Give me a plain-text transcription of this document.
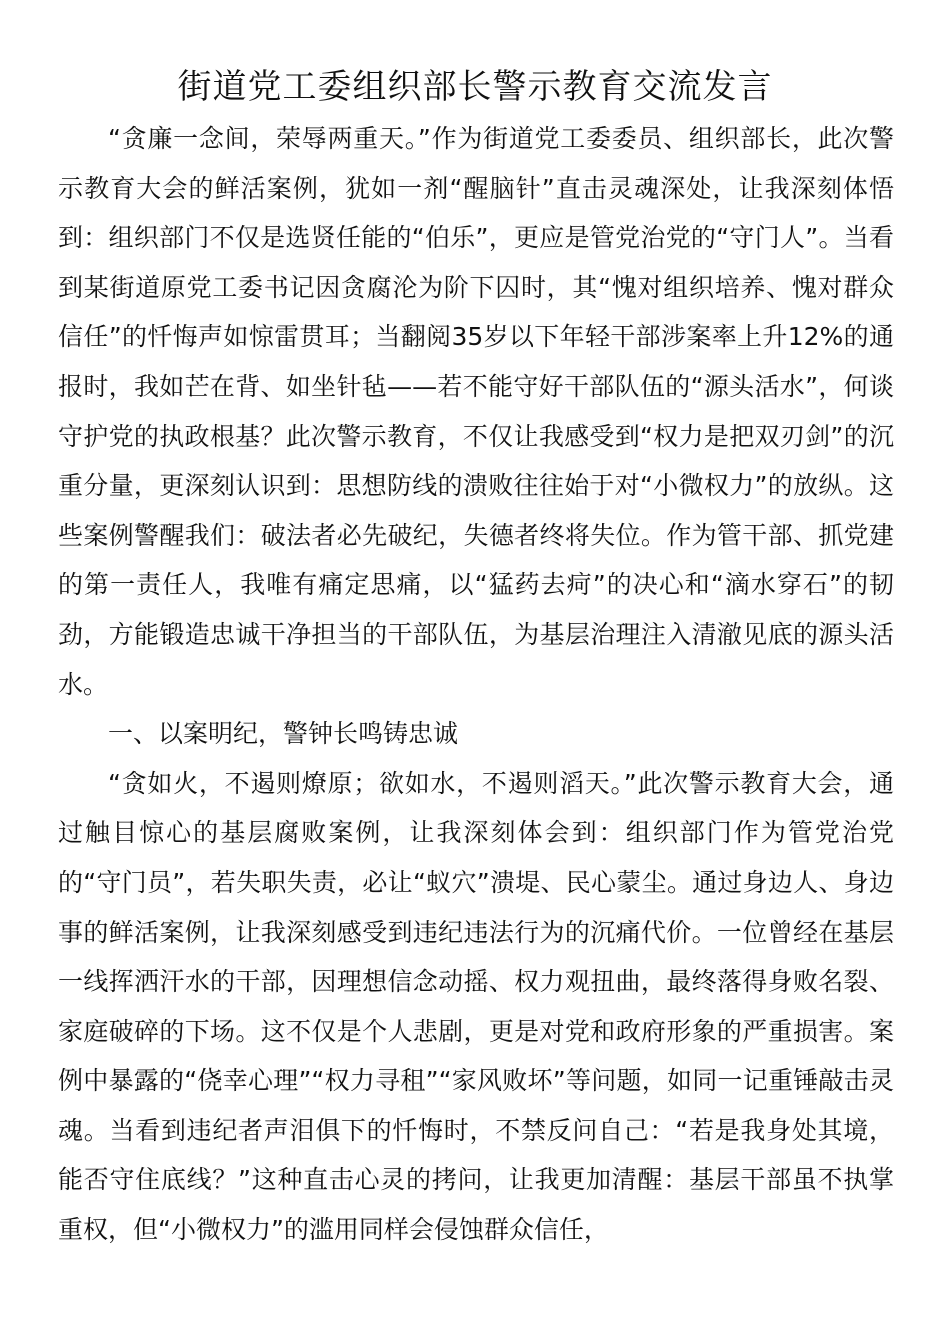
街道党工委组织部长警示教育交流发言

“贪廉一念间，荣辱两重天。”作为街道党工委委员、组织部长，此次警示教育大会的鲜活案例，犹如一剂“醒脑针”直击灵魂深处，让我深刻体悟到：组织部门不仅是选贤任能的“伯乐”，更应是管党治党的“守门人”。当看到某街道原党工委书记因贪腐沦为阶下囚时，其“愧对组织培养、愧对群众信任”的忏悔声如惊雷贯耳；当翻阅35岁以下年轻干部涉案率上升12%的通报时，我如芒在背、如坐针毡——若不能守好干部队伍的“源头活水”，何谈守护党的执政根基？此次警示教育，不仅让我感受到“权力是把双刃剑”的沉重分量，更深刻认识到：思想防线的溃败往往始于对“小微权力”的放纵。这些案例警醒我们：破法者必先破纪，失德者终将失位。作为管干部、抓党建的第一责任人，我唯有痛定思痛，以“猛药去疴”的决心和“滴水穿石”的韧劲，方能锻造忠诚干净担当的干部队伍，为基层治理注入清澈见底的源头活水。

一、以案明纪，警钟长鸣铸忠诚

“贪如火，不遏则燎原；欲如水，不遏则滔天。”此次警示教育大会，通过触目惊心的基层腐败案例，让我深刻体会到：组织部门作为管党治党的“守门员”，若失职失责，必让“蚁穴”溃堤、民心蒙尘。通过身边人、身边事的鲜活案例，让我深刻感受到违纪违法行为的沉痛代价。一位曾经在基层一线挥洒汗水的干部，因理想信念动摇、权力观扭曲，最终落得身败名裂、家庭破碎的下场。这不仅是个人悲剧，更是对党和政府形象的严重损害。案例中暴露的“侥幸心理”“权力寻租”“家风败坏”等问题，如同一记重锤敲击灵魂。当看到违纪者声泪俱下的忏悔时，不禁反问自己：“若是我身处其境，能否守住底线？”这种直击心灵的拷问，让我更加清醒：基层干部虽不执掌重权，但“小微权力”的滥用同样会侵蚀群众信任，
